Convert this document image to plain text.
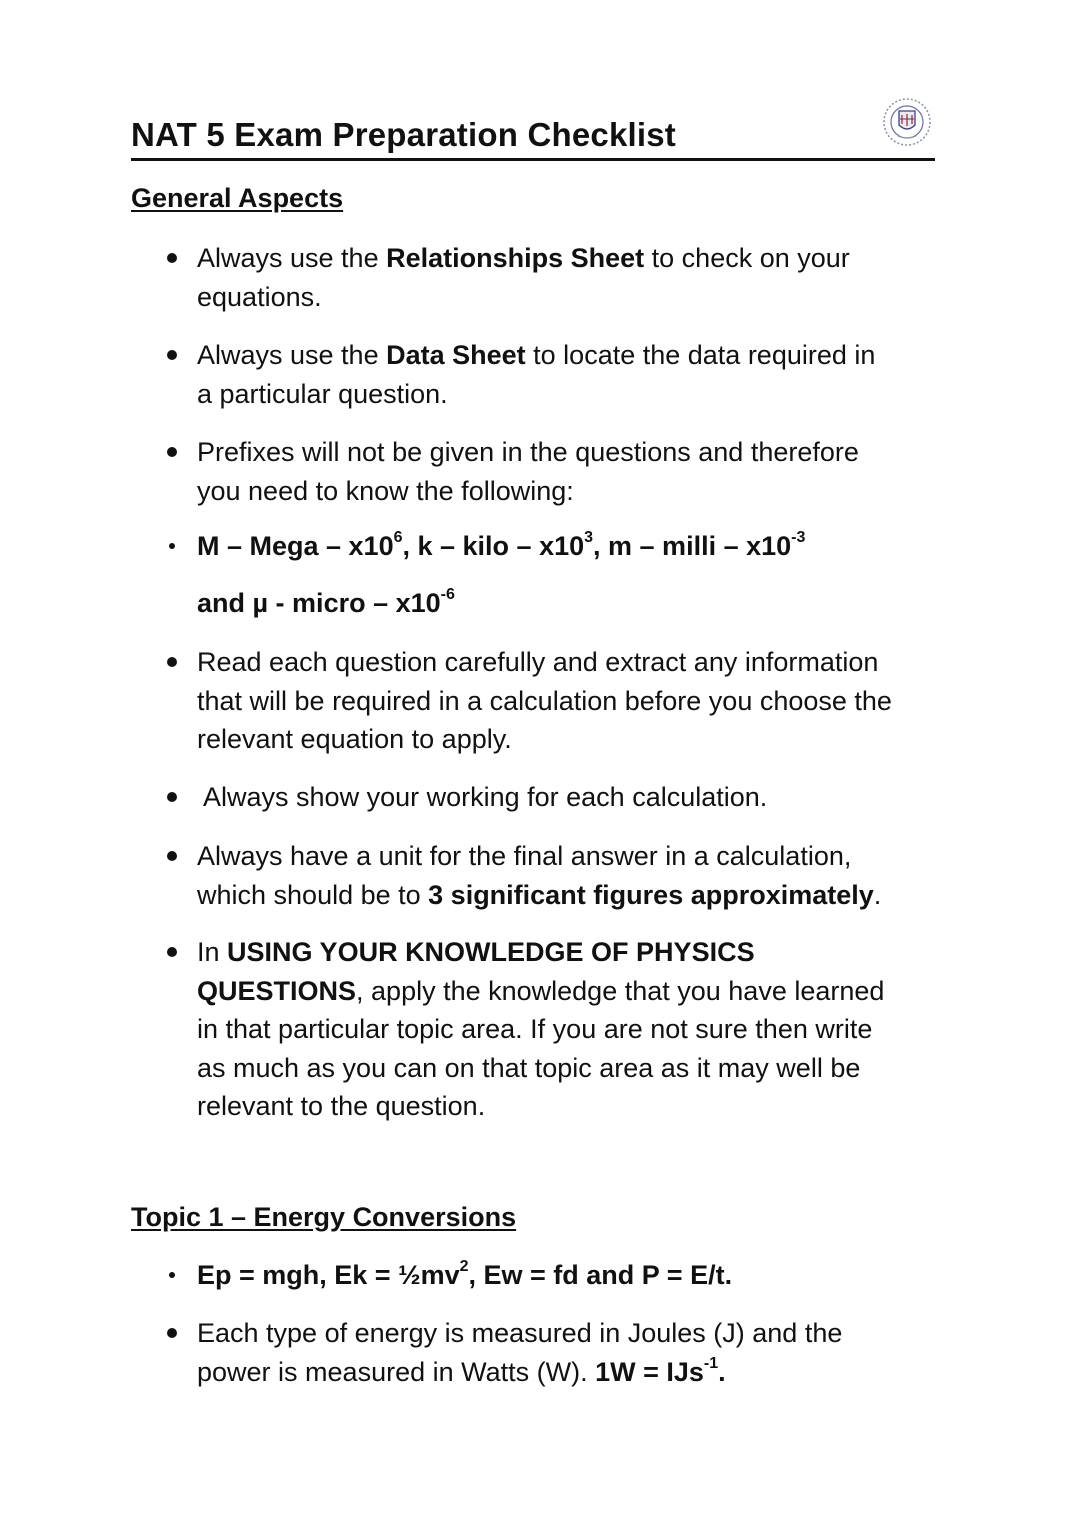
NAT 5 Exam Preparation Checklist
General Aspects
Always use the Relationships Sheet to check on your
equations.
Always use the Data Sheet to locate the data required in
a particular question.
Prefixes will not be given in the questions and therefore
you need to know the following:
M – Mega – $x10^6$, k – kilo – $x10^3$, m – milli – $x10^{-3}$
and µ - micro – $x10^{-6}$
Read each question carefully and extract any information
that will be required in a calculation before you choose the
relevant equation to apply.
Always show your working for each calculation.
Always have a unit for the final answer in a calculation,
which should be to 3 significant figures approximately.
In USING YOUR KNOWLEDGE OF PHYSICS
QUESTIONS, apply the knowledge that you have learned
in that particular topic area. If you are not sure then write
as much as you can on that topic area as it may well be
relevant to the question.
Topic 1 – Energy Conversions
Ep = mgh, $Ek = \frac{1}{2}mv^2$, Ew = fd and P = E/t.
Each type of energy is measured in Joules (J) and the
power is measured in Watts (W). 1W = IJs$^{-1}$.
